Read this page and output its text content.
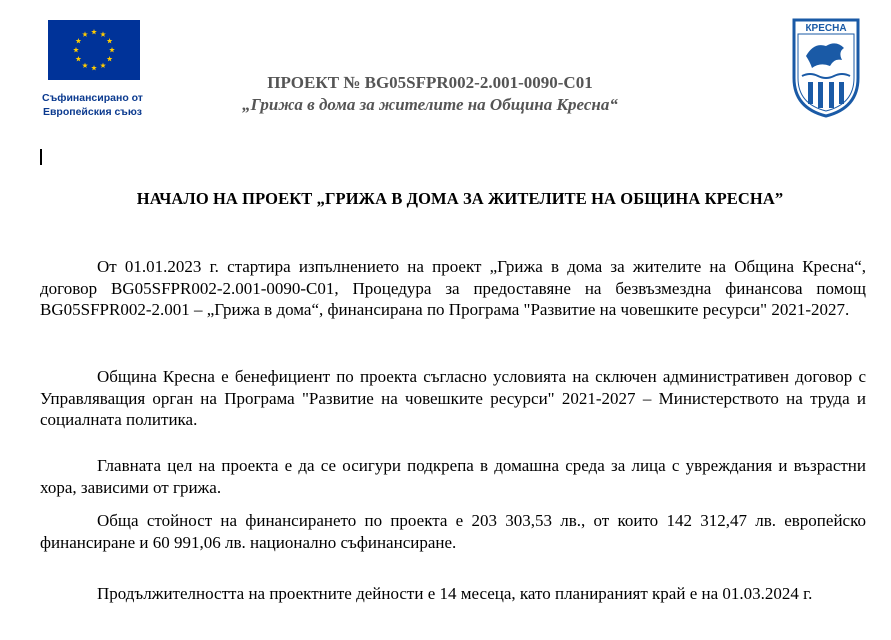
Съфинансирано от
Европейския съюз
ПРОЕКТ № BG05SFPR002-2.001-0090-C01
„Грижа в дома за жителите на Община Кресна“
КРЕСНА
НАЧАЛО НА ПРОЕКТ „ГРИЖА В ДОМА ЗА ЖИТЕЛИТЕ НА ОБЩИНА КРЕСНА”
От 01.01.2023 г. стартира изпълнението на проект „Грижа в дома за жителите на Община Кресна“, договор BG05SFPR002-2.001-0090-C01, Процедура за предоставяне на безвъзмездна финансова помощ BG05SFPR002-2.001 – „Грижа в дома“, финансирана по Програма "Развитие на човешките ресурси" 2021-2027.
Община Кресна е бенефициент по проекта съгласно условията на сключен административен договор с Управляващия орган на Програма "Развитие на човешките ресурси" 2021-2027 – Министерството на труда и социалната политика.
Главната цел на проекта е да се осигури подкрепа в домашна среда за лица с увреждания и възрастни хора, зависими от грижа.
Обща стойност на финансирането по проекта е 203 303,53 лв., от които 142 312,47 лв. европейско финансиране и 60 991,06 лв. национално съфинансиране.
Продължителността на проектните дейности е 14 месеца, като планираният край е на 01.03.2024 г.
